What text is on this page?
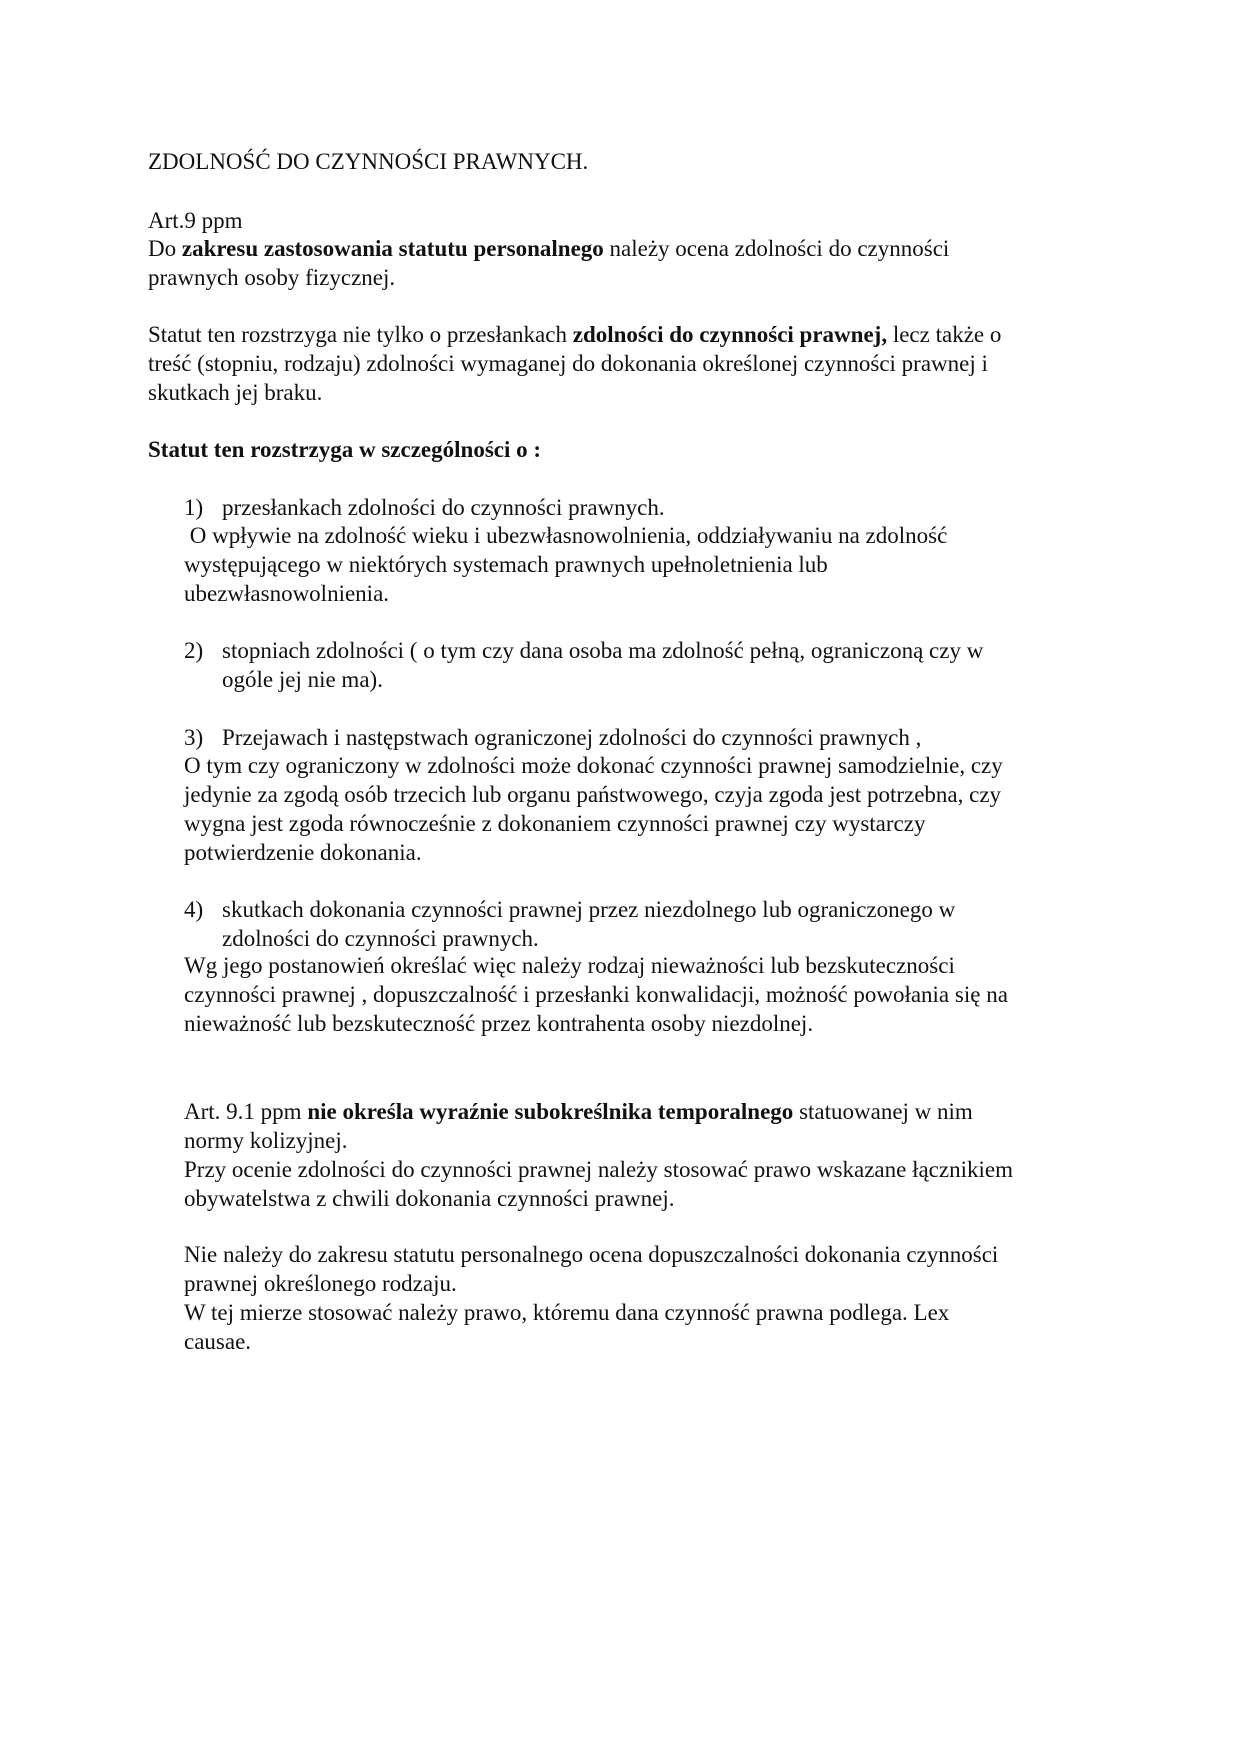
ZDOLNOŚĆ DO CZYNNOŚCI PRAWNYCH.

Art.9 ppm

Do zakresu zastosowania statutu personalnego należy ocena zdolności do czynności
prawnych osoby fizycznej.

Statut ten rozstrzyga nie tylko o przesłankach zdolności do czynności prawnej, lecz także o
treść (stopniu, rodzaju) zdolności wymaganej do dokonania określonej czynności prawnej i
skutkach jej braku.

Statut ten rozstrzyga w szczególności o :

1) przesłankach zdolności do czynności prawnych.
O wpływie na zdolność wieku i ubezwłasnowolnienia, oddziaływaniu na zdolność
występującego w niektórych systemach prawnych upełnoletnienia lub
ubezwłasnowolnienia.
2) stopniach zdolności ( o tym czy dana osoba ma zdolność pełną, ograniczoną czy w
ogóle jej nie ma).
3) Przejawach i następstwach ograniczonej zdolności do czynności prawnych ,
O tym czy ograniczony w zdolności może dokonać czynności prawnej samodzielnie, czy
jedynie za zgodą osób trzecich lub organu państwowego, czyja zgoda jest potrzebna, czy
wygna jest zgoda równocześnie z dokonaniem czynności prawnej czy wystarczy
potwierdzenie dokonania.
4) skutkach dokonania czynności prawnej przez niezdolnego lub ograniczonego w
zdolności do czynności prawnych.
Wg jego postanowień określać więc należy rodzaj nieważności lub bezskuteczności
czynności prawnej , dopuszczalność i przesłanki konwalidacji, możność powołania się na
nieważność lub bezskuteczność przez kontrahenta osoby niezdolnej.

Art. 9.1 ppm nie określa wyraźnie subokreślnika temporalnego statuowanej w nim
normy kolizyjnej.
Przy ocenie zdolności do czynności prawnej należy stosować prawo wskazane łącznikiem
obywatelstwa z chwili dokonania czynności prawnej.

Nie należy do zakresu statutu personalnego ocena dopuszczalności dokonania czynności
prawnej określonego rodzaju.
W tej mierze stosować należy prawo, któremu dana czynność prawna podlega. Lex
causae.
